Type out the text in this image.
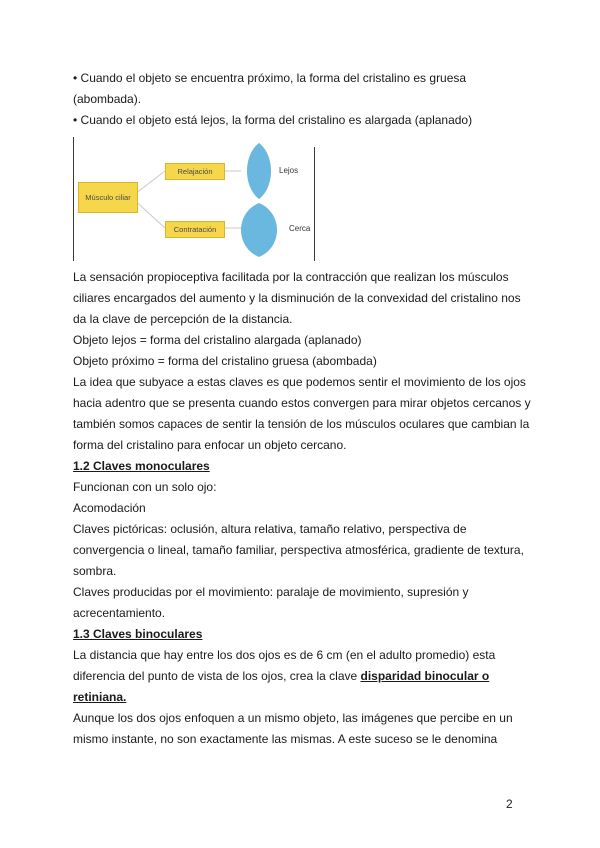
• Cuando el objeto se encuentra próximo, la forma del cristalino es gruesa (abombada).

• Cuando el objeto está lejos, la forma del cristalino es alargada (aplanado)

Músculo ciliar
Relajación
Contratación
Lejos
Cerca

La sensación propioceptiva facilitada por la contracción que realizan los músculos ciliares encargados del aumento y la disminución de la convexidad del cristalino nos da la clave de percepción de la distancia.

Objeto lejos = forma del cristalino alargada (aplanado)

Objeto próximo = forma del cristalino gruesa (abombada)

La idea que subyace a estas claves es que podemos sentir el movimiento de los ojos hacia adentro que se presenta cuando estos convergen para mirar objetos cercanos y también somos capaces de sentir la tensión de los músculos oculares que cambian la forma del cristalino para enfocar un objeto cercano.

1.2 Claves monoculares

Funcionan con un solo ojo:

Acomodación

Claves pictóricas: oclusión, altura relativa, tamaño relativo, perspectiva de convergencia o lineal, tamaño familiar, perspectiva atmosférica, gradiente de textura, sombra.

Claves producidas por el movimiento: paralaje de movimiento, supresión y acrecentamiento.

1.3 Claves binoculares

La distancia que hay entre los dos ojos es de 6 cm (en el adulto promedio) esta diferencia del punto de vista de los ojos, crea la clave disparidad binocular o retiniana.

Aunque los dos ojos enfoquen a un mismo objeto, las imágenes que percibe en un mismo instante, no son exactamente las mismas. A este suceso se le denomina

2
